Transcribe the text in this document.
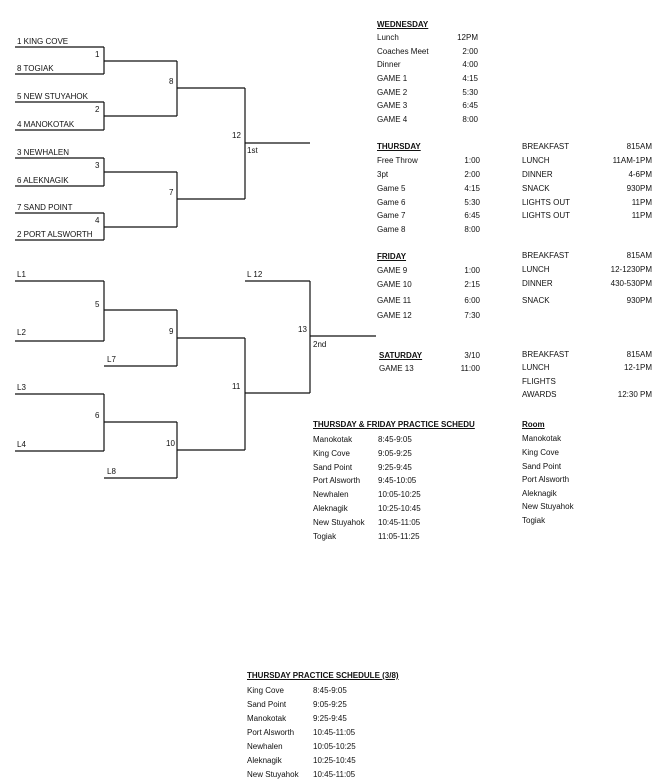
1 KING COVE
8 TOGIAK
5 NEW STUYAHOK
4 MANOKOTAK
3 NEWHALEN
6 ALEKNAGIK
7 SAND POINT
2 PORT ALSWORTH
1
2
3
4
8
7
12
1st
L1
L2
L3
L4
L7
L8
L 12
5
6
9
10
11
13
2nd
WEDNESDAY
Lunch	12PM
Coaches Meet	2:00
Dinner	4:00
GAME 1	4:15
GAME 2	5:30
GAME 3	6:45
GAME 4	8:00
THURSDAY
Free Throw	1:00
3pt	2:00
Game 5	4:15
Game 6	5:30
Game 7	6:45
Game 8	8:00
BREAKFAST	815AM
LUNCH	11AM-1PM
DINNER	4-6PM
SNACK	930PM
LIGHTS OUT	11PM
LIGHTS OUT	11PM
FRIDAY
GAME 9	1:00
GAME 10	2:15
GAME 11	6:00
GAME 12	7:30
BREAKFAST	815AM
LUNCH	12-1230PM
DINNER	430-530PM
SNACK	930PM
SATURDAY	3/10
GAME 13	11:00
BREAKFAST	815AM
LUNCH	12-1PM
FLIGHTS
AWARDS	12:30 PM
THURSDAY & FRIDAY PRACTICE SCHEDU
Manokotak	8:45-9:05
King Cove	9:05-9:25
Sand Point	9:25-9:45
Port Alsworth 9:45-10:05
Newhalen	10:05-10:25
Aleknagik	10:25-10:45
New Stuyahok 10:45-11:05
Togiak	11:05-11:25
Room
Manokotak
King Cove
Sand Point
Port Alsworth
Aleknagik
New Stuyahok
Togiak
THURSDAY PRACTICE SCHEDULE (3/8)
King Cove	8:45-9:05
Sand Point	9:05-9:25
Manokotak	9:25-9:45
Port Alsworth 10:45-11:05
Newhalen	10:05-10:25
Aleknagik	10:25-10:45
New Stuyahok 10:45-11:05
